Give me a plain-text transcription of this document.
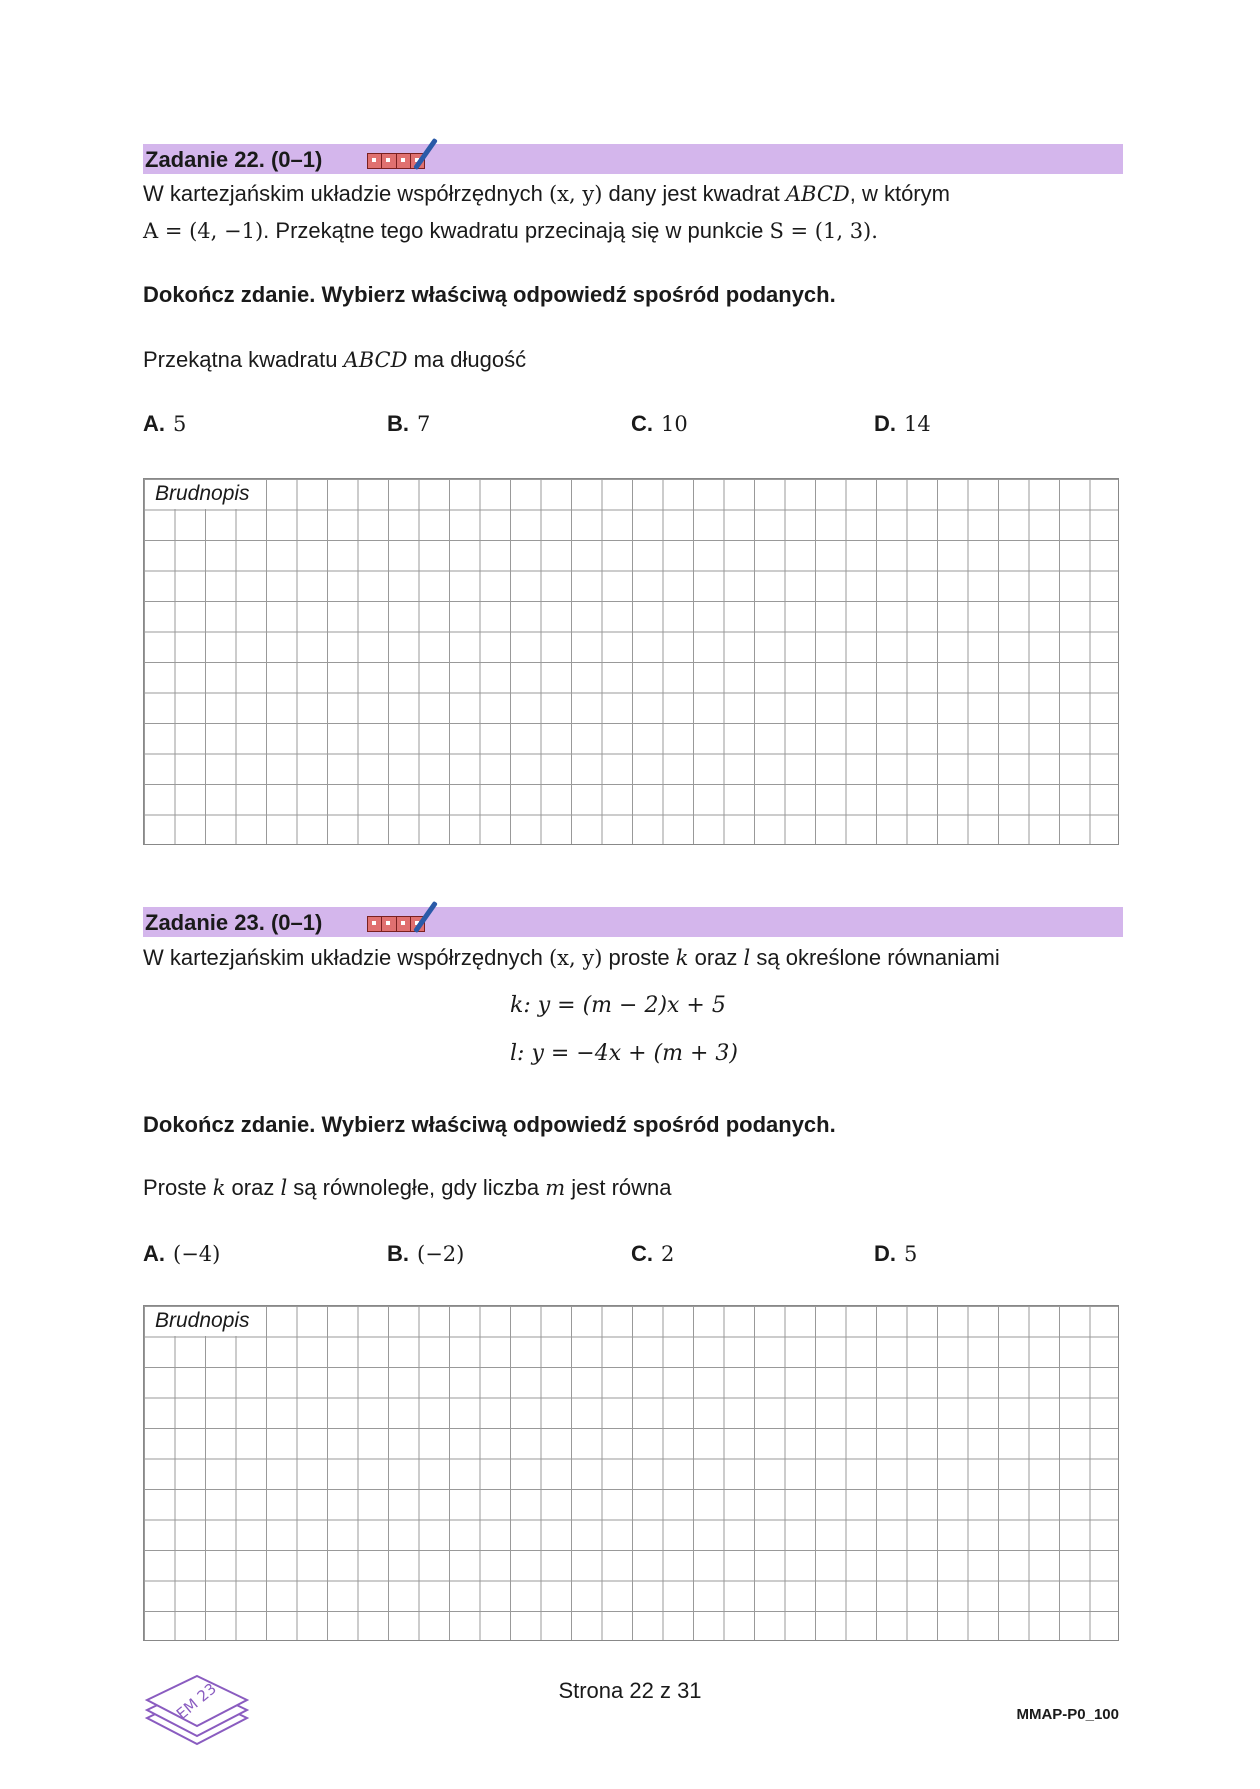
Zadanie 22. (0–1)
W kartezjańskim układzie współrzędnych (x, y) dany jest kwadrat ABCD, w którym
A = (4, −1). Przekątne tego kwadratu przecinają się w punkcie S = (1, 3).
Dokończ zdanie. Wybierz właściwą odpowiedź spośród podanych.
Przekątna kwadratu ABCD ma długość
A. 5	B. 7	C. 10	D. 14
Brudnopis
Zadanie 23. (0–1)
W kartezjańskim układzie współrzędnych (x, y) proste k oraz l są określone równaniami
k: y = (m − 2)x + 5
l: y = −4x + (m + 3)
Dokończ zdanie. Wybierz właściwą odpowiedź spośród podanych.
Proste k oraz l są równoległe, gdy liczba m jest równa
A. (−4)	B. (−2)	C. 2	D. 5
Brudnopis
EM 23	Strona 22 z 31
MMAP-P0_100
